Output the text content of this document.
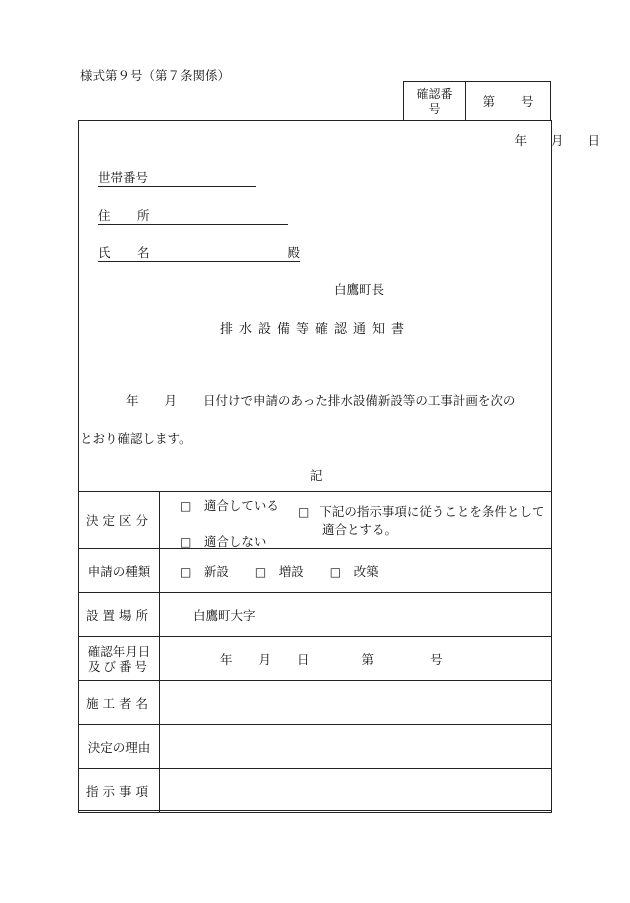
様式第９号（第７条関係）
確認番号	第 号
年 月 日
世帯番号
住　所
氏　名	殿
白鷹町長
排水設備等確認通知書
年 月 日付けで申請のあった排水設備新設等の工事計画を次の
とおり確認します。
記
決定区分	□　 適合している
□　 適合しない
□ 下記の指示事項に従うことを条件として適合とする。

申請の種類	□　 新設 □　 増設 □　 改築
設置場所	白鷹町大字

確認年月日
及び番号	年 月 日 第 号
施工者名	
決定の理由	
指示事項	
